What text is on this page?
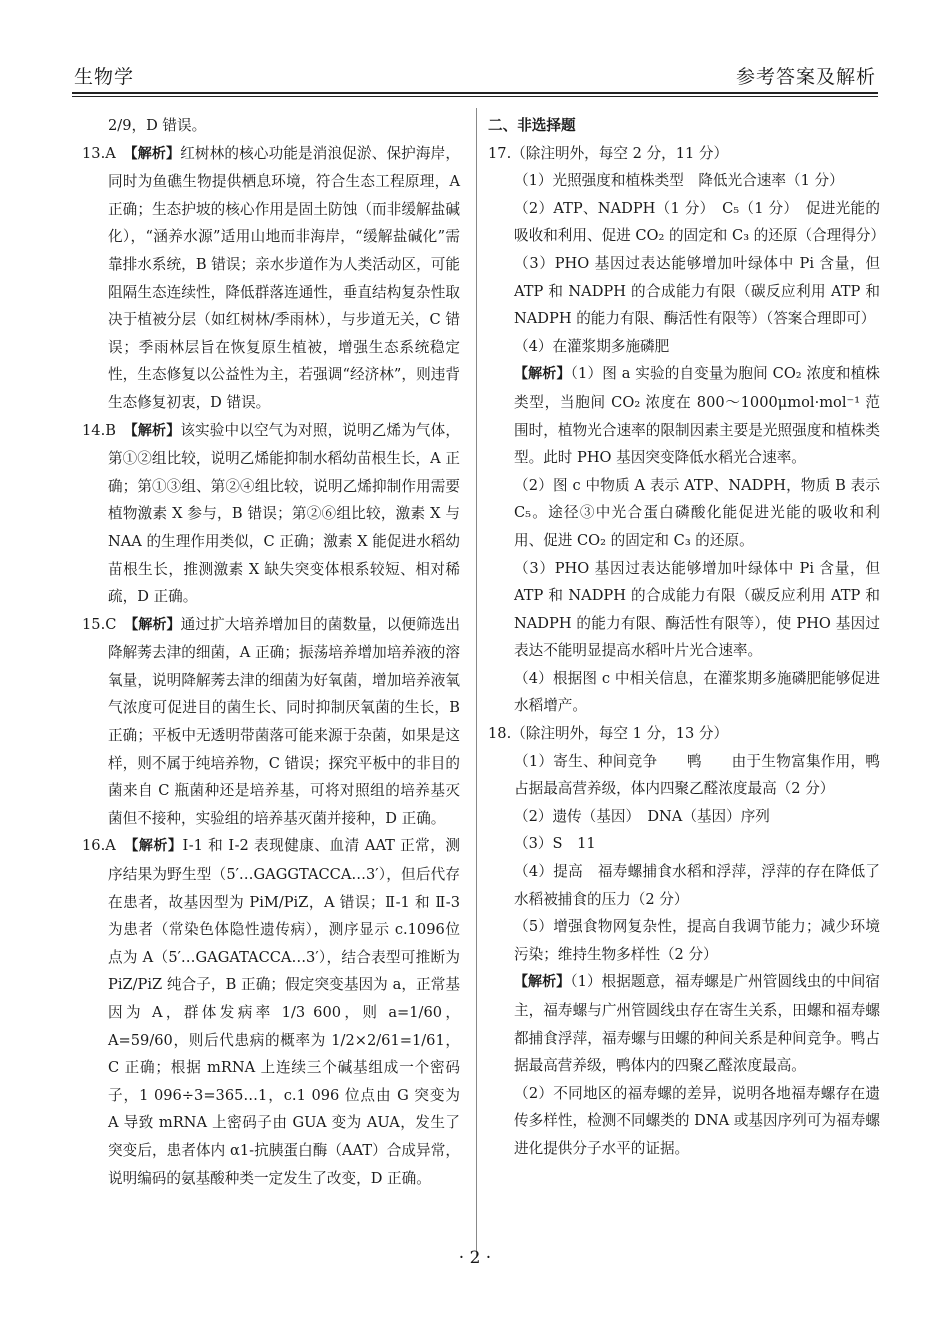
生物学	参考答案及解析

2/9，D 错误。

13.A　 【解析】红树林的核心功能是消浪促淤、保护海岸，同时为鱼礁生物提供栖息环境，符合生态工程原理，A 正确；生态护坡的核心作用是固土防蚀（而非缓解盐碱化），“涵养水源”适用山地而非海岸，“缓解盐碱化”需靠排水系统，B 错误；亲水步道作为人类活动区，可能阻隔生态连续性，降低群落连通性，垂直结构复杂性取决于植被分层（如红树林/季雨林），与步道无关，C 错误；季雨林层旨在恢复原生植被，增强生态系统稳定性，生态修复以公益性为主，若强调“经济林”，则违背生态修复初衷，D 错误。

14.B　 【解析】该实验中以空气为对照，说明乙烯为气体，第①②组比较，说明乙烯能抑制水稻幼苗根生长，A 正确；第①③组、第②④组比较，说明乙烯抑制作用需要植物激素 X 参与，B 错误；第②⑥组比较，激素 X 与 NAA 的生理作用类似，C 正确；激素 X 能促进水稻幼苗根生长，推测激素 X 缺失突变体根系较短、相对稀疏，D 正确。

15.C　 【解析】通过扩大培养增加目的菌数量，以便筛选出降解莠去津的细菌，A 正确；振荡培养增加培养液的溶氧量，说明降解莠去津的细菌为好氧菌，增加培养液氧气浓度可促进目的菌生长、同时抑制厌氧菌的生长，B 正确；平板中无透明带菌落可能来源于杂菌，如果是这样，则不属于纯培养物，C 错误；探究平板中的非目的菌来自 C 瓶菌种还是培养基，可将对照组的培养基灭菌但不接种，实验组的培养基灭菌并接种，D 正确。

16.A　 【解析】Ⅰ-1 和 Ⅰ-2 表现健康、血清 AAT 正常，测序结果为野生型（5′…GAGGTACCA…3′），但后代存在患者，故基因型为 PiM/PiZ，A 错误；Ⅱ-1 和 Ⅱ-3 为患者（常染色体隐性遗传病），测序显示 c.1096位点为 A（5′…GAGATACCA…3′），结合表型可推断为 PiZ/PiZ 纯合子，B 正确；假定突变基因为 a，正常基因为 A，群体发病率 1/3 600，则 a=1/60，A=59/60，则后代患病的概率为 1/2×2/61=1/61，C 正确；根据 mRNA 上连续三个碱基组成一个密码子，1 096÷3=365…1，c.1 096 位点由 G 突变为 A 导致 mRNA 上密码子由 GUA 变为 AUA，发生了突变后，患者体内 α1-抗胰蛋白酶（AAT）合成异常，说明编码的氨基酸种类一定发生了改变，D 正确。

二、非选择题

17.（除注明外，每空 2 分，11 分）

（1）光照强度和植株类型　降低光合速率（1 分）

（2）ATP、NADPH（1 分）　C₅（1 分）　促进光能的吸收和利用、促进 CO₂ 的固定和 C₃ 的还原（合理得分）

（3）PHO 基因过表达能够增加叶绿体中 Pi 含量，但 ATP 和 NADPH 的合成能力有限（碳反应利用 ATP 和 NADPH 的能力有限、酶活性有限等）（答案合理即可）

（4）在灌浆期多施磷肥

【解析】（1）图 a 实验的自变量为胞间 CO₂ 浓度和植株类型，当胞间 CO₂ 浓度在 800～1000μmol·mol⁻¹ 范围时，植物光合速率的限制因素主要是光照强度和植株类型。此时 PHO 基因突变降低水稻光合速率。

（2）图 c 中物质 A 表示 ATP、NADPH，物质 B 表示 C₅。途径③中光合蛋白磷酸化能促进光能的吸收和利用、促进 CO₂ 的固定和 C₃ 的还原。

（3）PHO 基因过表达能够增加叶绿体中 Pi 含量，但 ATP 和 NADPH 的合成能力有限（碳反应利用 ATP 和 NADPH 的能力有限、酶活性有限等），使 PHO 基因过表达不能明显提高水稻叶片光合速率。

（4）根据图 c 中相关信息，在灌浆期多施磷肥能够促进水稻增产。

18.（除注明外，每空 1 分，13 分）

（1）寄生、种间竞争　　鸭　　由于生物富集作用，鸭占据最高营养级，体内四聚乙醛浓度最高（2 分）

（2）遗传（基因）　DNA（基因）序列

（3）S　11

（4）提高　福寿螺捕食水稻和浮萍，浮萍的存在降低了水稻被捕食的压力（2 分）

（5）增强食物网复杂性，提高自我调节能力；减少环境污染；维持生物多样性（2 分）

【解析】（1）根据题意，福寿螺是广州管圆线虫的中间宿主，福寿螺与广州管圆线虫存在寄生关系，田螺和福寿螺都捕食浮萍，福寿螺与田螺的种间关系是种间竞争。鸭占据最高营养级，鸭体内的四聚乙醛浓度最高。

（2）不同地区的福寿螺的差异，说明各地福寿螺存在遗传多样性，检测不同螺类的 DNA 或基因序列可为福寿螺进化提供分子水平的证据。

· 2 ·
